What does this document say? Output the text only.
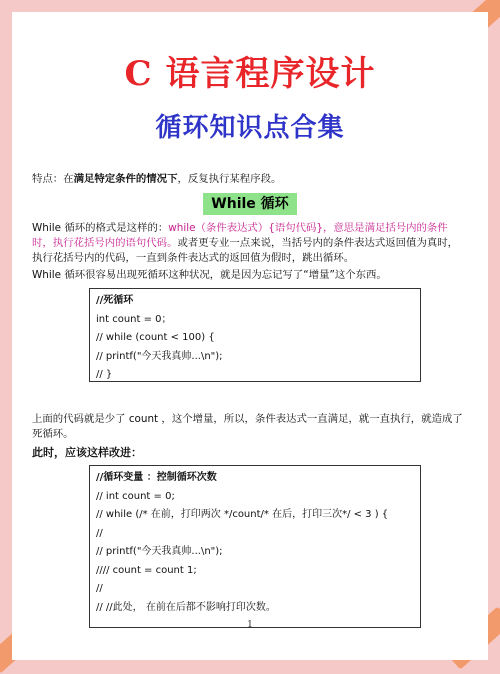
C 语言程序设计
循环知识点合集

特点：在满足特定条件的情况下，反复执行某程序段。

While 循环

While 循环的格式是这样的：while（条件表达式）{语句代码}，意思是满足括号内的条件时，执行花括号内的语句代码。或者更专业一点来说，当括号内的条件表达式返回值为真时，执行花括号内的代码，一直到条件表达式的返回值为假时，跳出循环。

While 循环很容易出现死循环这种状况，就是因为忘记写了“增量”这个东西。

//死循环
int count = 0；
// while (count < 100) {
// printf("今天我真帅...\n");
// }

上面的代码就是少了 count ，这个增量，所以，条件表达式一直满足，就一直执行，就造成了死循环。

此时，应该这样改进：

//循环变量 ：控制循环次数
// int count = 0;
// while (/* 在前，打印两次 */count/* 在后，打印三次*/ < 3 ) {
//
// printf("今天我真帅...\n");
//// count = count 1;
//
// //此处， 在前在后都不影响打印次数。
1
